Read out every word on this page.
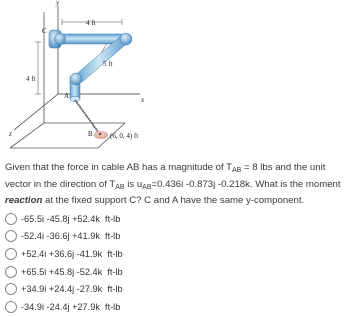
y
x
z
C
A
B
4 ft
5 ft
4 ft
(6, 0, 4) ft
Given that the force in cable AB has a magnitude of $T_{AB} = 8$ lbs and the unit vector in the direction of $T_{AB}$ is $u_{AB}=0.436i$ -0.873j -0.218k. What is the moment reaction at the fixed support C? C and A have the same y-component.
-65.5i -45.8j +52.4k  ft-lb
-52.4i -36.6j +41.9k  ft-lb
+52.4i +36.6j -41.9k  ft-lb
+65.5i +45.8j -52.4k  ft-lb
+34.9i +24.4j -27.9k  ft-lb
-34.9i -24.4j +27.9k  ft-lb
